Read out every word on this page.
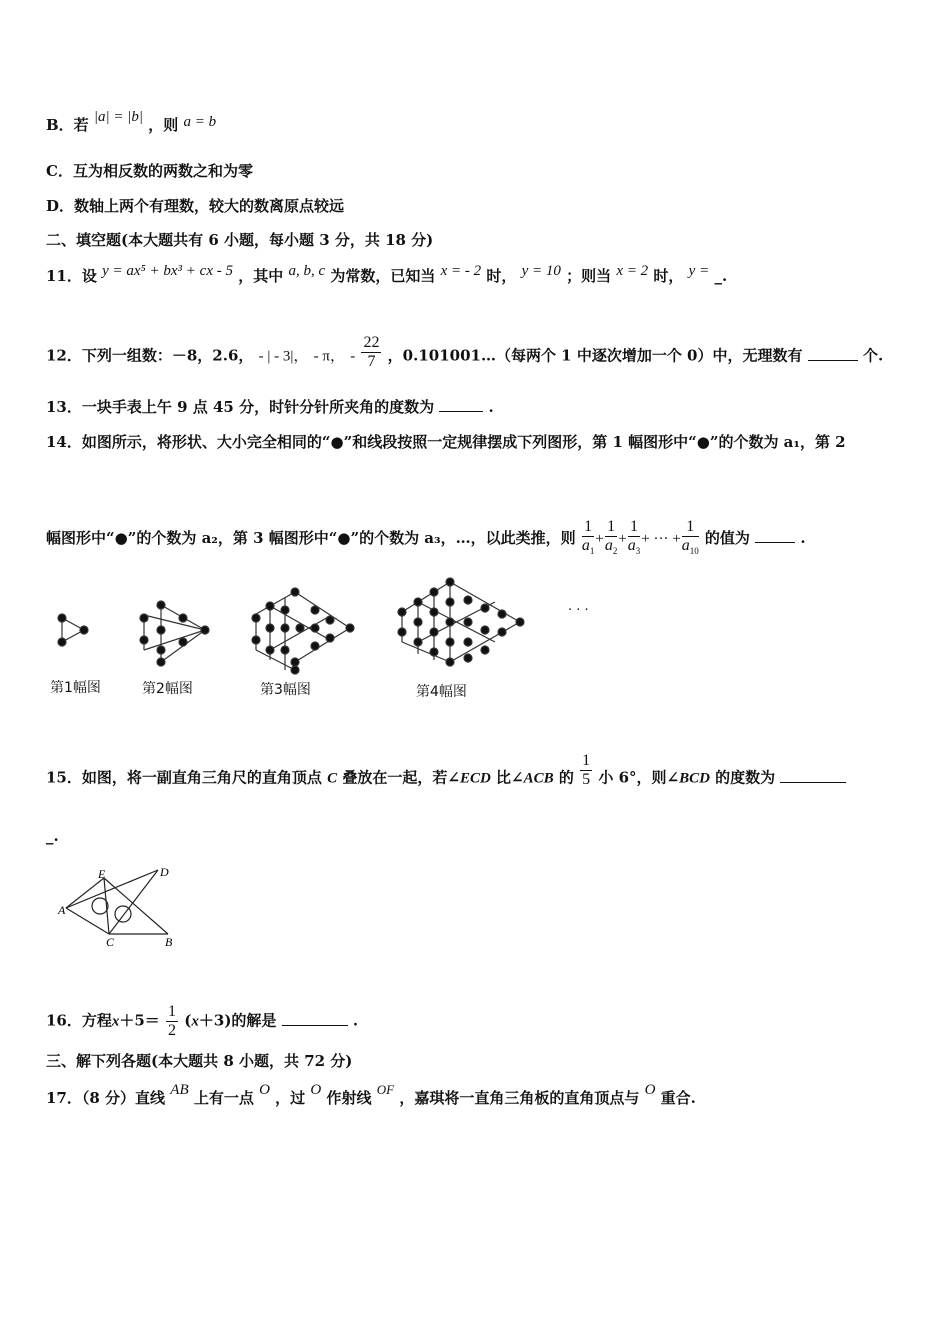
B．若 |a| = |b| ，则 a = b
C．互为相反数的两数之和为零
D．数轴上两个有理数，较大的数离原点较远
二、填空题(本大题共有 6 小题，每小题 3 分，共 18 分)
11．设 y = ax⁵ + bx³ + cx - 5 ，其中 a, b, c 为常数，已知当 x = - 2 时， y = 10 ；则当 x = 2 时， y = _.
12．下列一组数：－8，2.6， - | - 3|， - π， - $\frac{22}{7}$ ，0.101001…（每两个 1 中逐次增加一个 0）中，无理数有	个.
13．一块手表上午 9 点 45 分，时针分针所夹角的度数为	.
14．如图所示，将形状、大小完全相同的“●”和线段按照一定规律摆成下列图形，第 1 幅图形中“●”的个数为 a₁，第 2
幅图形中“●”的个数为 a₂，第 3 幅图形中“●”的个数为 a₃，…，以此类推，则 $\frac{1}{a_1} + \frac{1}{a_2} + \frac{1}{a_3}$ + ··· + $\frac{1}{a_{10}}$ 的值为	.
第1幅图	第2幅图	第3幅图	第4幅图
· · ·
15．如图，将一副直角三角尺的直角顶点 C 叠放在一起，若∠ECD 比∠ACB 的 $\frac{1}{5}$ 小 6°，则∠BCD 的度数为
_.
E	D
A
C	B
16．方程$x+5= \frac{1}{2} (x+3)$的解是	.
三、解下列各题(本大题共 8 小题，共 72 分)
17．（8 分）直线 AB 上有一点 O ，过 O 作射线 OF ，嘉琪将一直角三角板的直角顶点与 O 重合.
